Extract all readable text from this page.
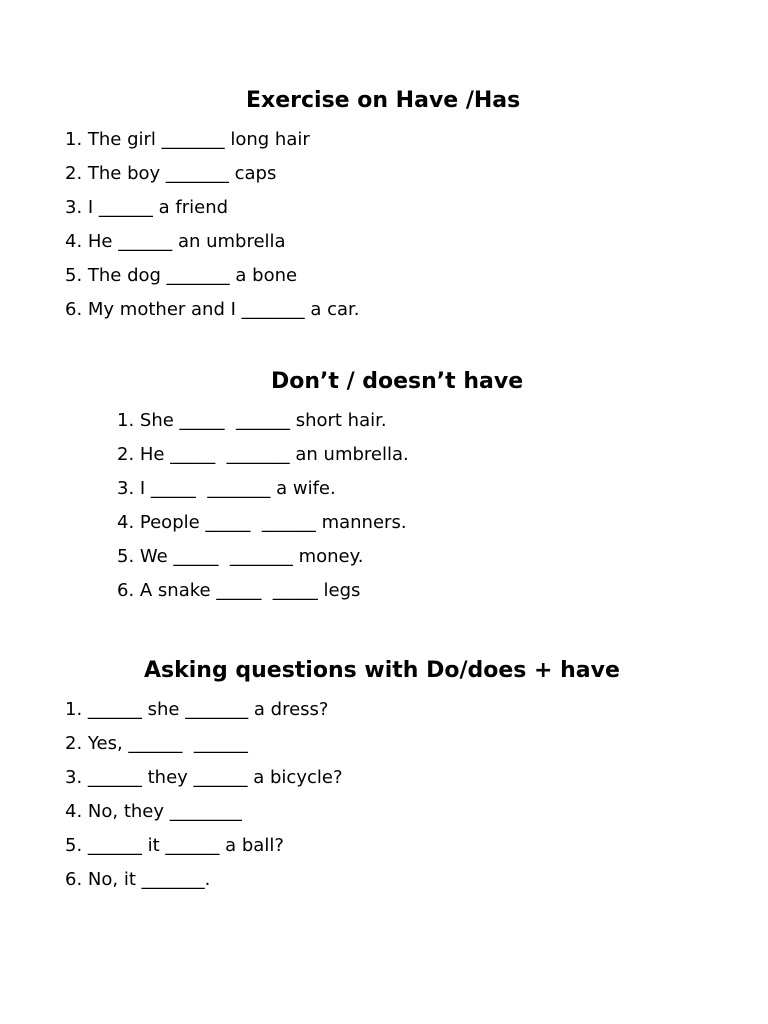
Exercise on Have /Has
1. The girl _______ long hair
2. The boy _______ caps
3. I ______ a friend
4. He ______ an umbrella
5. The dog _______ a bone
6. My mother and I _______ a car.
Don’t / doesn’t have
1. She _____  ______ short hair.
2. He _____  _______ an umbrella.
3. I _____  _______ a wife.
4. People _____  ______ manners.
5. We _____  _______ money.
6. A snake _____  _____ legs
Asking questions with Do/does + have
1. ______ she _______ a dress?
2. Yes, ______  ______
3. ______ they ______ a bicycle?
4. No, they ________
5. ______ it ______ a ball?
6. No, it _______.
